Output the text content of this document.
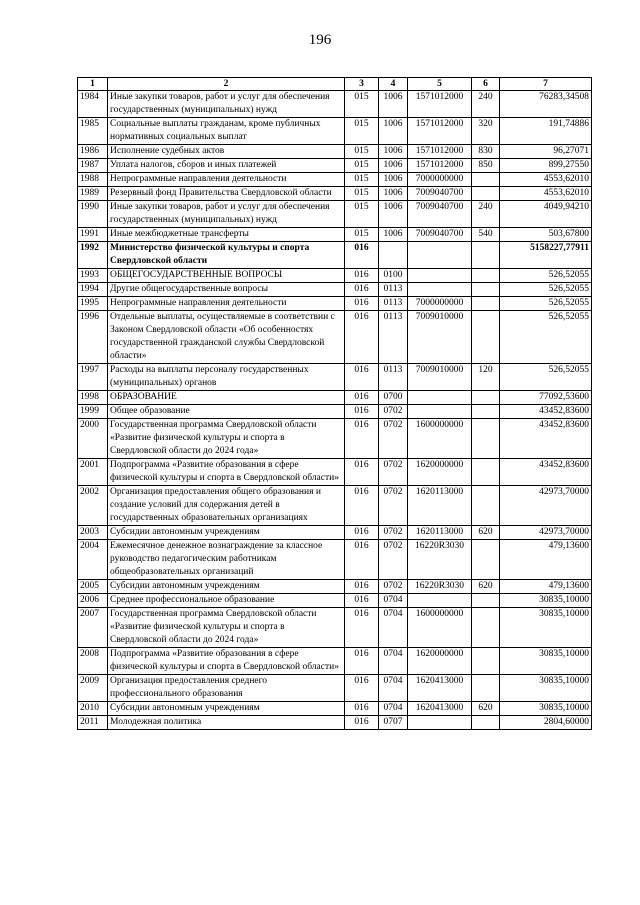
196
1	2	3	4	5	6	7
1984	Иные закупки товаров, работ и услуг для обеспечения государственных (муниципальных) нужд	015	1006	1571012000	240	76283,34508
1985	Социальные выплаты гражданам, кроме публичных нормативных социальных выплат	015	1006	1571012000	320	191,74886
1986	Исполнение судебных актов	015	1006	1571012000	830	96,27071
1987	Уплата налогов, сборов и иных платежей	015	1006	1571012000	850	899,27550
1988	Непрограммные направления деятельности	015	1006	7000000000		4553,62010
1989	Резервный фонд Правительства Свердловской области	015	1006	7009040700		4553,62010
1990	Иные закупки товаров, работ и услуг для обеспечения государственных (муниципальных) нужд	015	1006	7009040700	240	4049,94210
1991	Иные межбюджетные трансферты	015	1006	7009040700	540	503,67800
1992	Министерство физической культуры и спорта Свердловской области	016				5158227,77911
1993	ОБЩЕГОСУДАРСТВЕННЫЕ ВОПРОСЫ	016	0100			526,52055
1994	Другие общегосударственные вопросы	016	0113			526,52055
1995	Непрограммные направления деятельности	016	0113	7000000000		526,52055
1996	Отдельные выплаты, осуществляемые в соответствии с Законом Свердловской области «Об особенностях государственной гражданской службы Свердловской области»	016	0113	7009010000		526,52055
1997	Расходы на выплаты персоналу государственных (муниципальных) органов	016	0113	7009010000	120	526,52055
1998	ОБРАЗОВАНИЕ	016	0700			77092,53600
1999	Общее образование	016	0702			43452,83600
2000	Государственная программа Свердловской области «Развитие физической культуры и спорта в Свердловской области до 2024 года»	016	0702	1600000000		43452,83600
2001	Подпрограмма «Развитие образования в сфере физической культуры и спорта в Свердловской области»	016	0702	1620000000		43452,83600
2002	Организация предоставления общего образования и создание условий для содержания детей в государственных образовательных организациях	016	0702	1620113000		42973,70000
2003	Субсидии автономным учреждениям	016	0702	1620113000	620	42973,70000
2004	Ежемесячное денежное вознаграждение за классное руководство педагогическим работникам общеобразовательных организаций	016	0702	16220R3030		479,13600
2005	Субсидии автономным учреждениям	016	0702	16220R3030	620	479,13600
2006	Среднее профессиональное образование	016	0704			30835,10000
2007	Государственная программа Свердловской области «Развитие физической культуры и спорта в Свердловской области до 2024 года»	016	0704	1600000000		30835,10000
2008	Подпрограмма «Развитие образования в сфере физической культуры и спорта в Свердловской области»	016	0704	1620000000		30835,10000
2009	Организация предоставления среднего профессионального образования	016	0704	1620413000		30835,10000
2010	Субсидии автономным учреждениям	016	0704	1620413000	620	30835,10000
2011	Молодежная политика	016	0707			2804,60000
